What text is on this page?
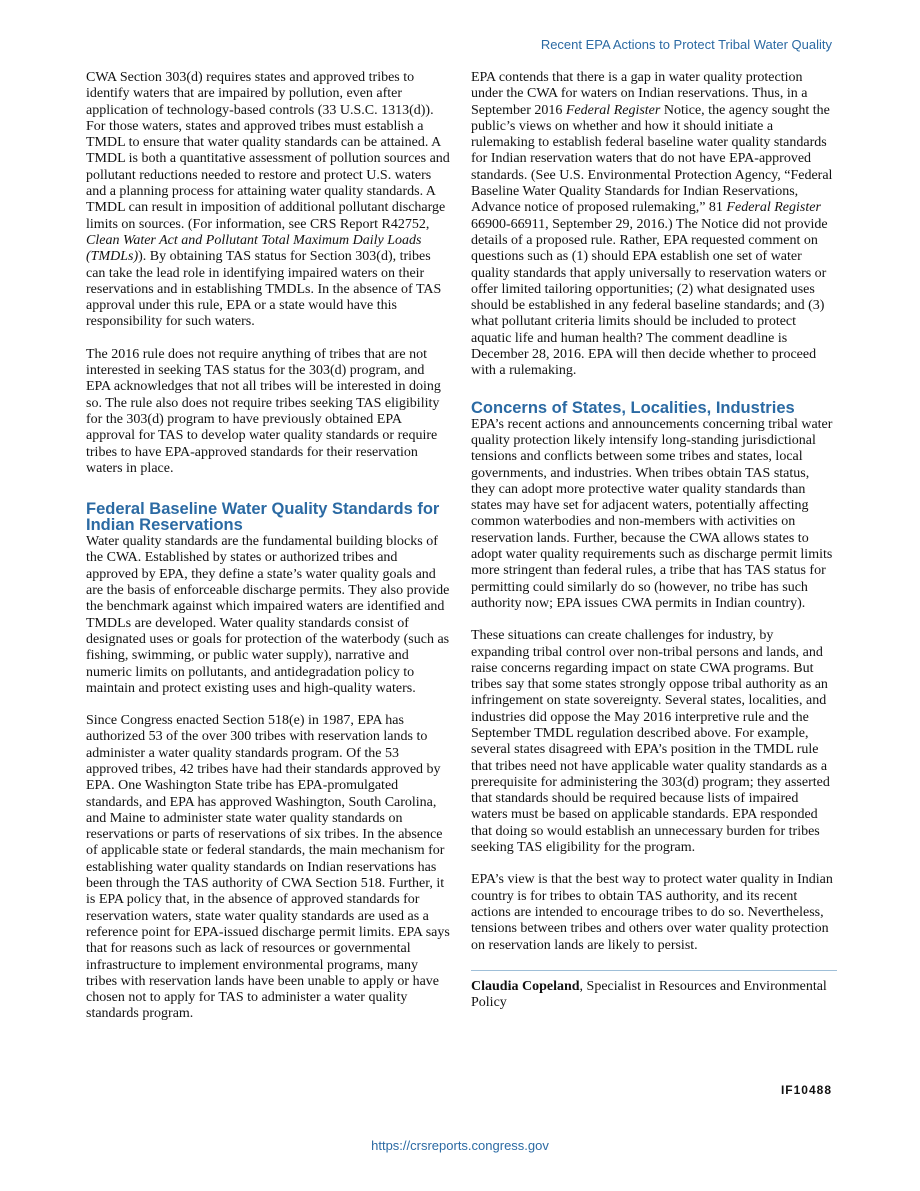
Recent EPA Actions to Protect Tribal Water Quality

CWA Section 303(d) requires states and approved tribes to identify waters that are impaired by pollution, even after application of technology-based controls (33 U.S.C. 1313(d)). For those waters, states and approved tribes must establish a TMDL to ensure that water quality standards can be attained. A TMDL is both a quantitative assessment of pollution sources and pollutant reductions needed to restore and protect U.S. waters and a planning process for attaining water quality standards. A TMDL can result in imposition of additional pollutant discharge limits on sources. (For information, see CRS Report R42752, Clean Water Act and Pollutant Total Maximum Daily Loads (TMDLs)). By obtaining TAS status for Section 303(d), tribes can take the lead role in identifying impaired waters on their reservations and in establishing TMDLs. In the absence of TAS approval under this rule, EPA or a state would have this responsibility for such waters.

The 2016 rule does not require anything of tribes that are not interested in seeking TAS status for the 303(d) program, and EPA acknowledges that not all tribes will be interested in doing so. The rule also does not require tribes seeking TAS eligibility for the 303(d) program to have previously obtained EPA approval for TAS to develop water quality standards or require tribes to have EPA-approved standards for their reservation waters in place.

Federal Baseline Water Quality Standards for Indian Reservations

Water quality standards are the fundamental building blocks of the CWA. Established by states or authorized tribes and approved by EPA, they define a state’s water quality goals and are the basis of enforceable discharge permits. They also provide the benchmark against which impaired waters are identified and TMDLs are developed. Water quality standards consist of designated uses or goals for protection of the waterbody (such as fishing, swimming, or public water supply), narrative and numeric limits on pollutants, and antidegradation policy to maintain and protect existing uses and high-quality waters.

Since Congress enacted Section 518(e) in 1987, EPA has authorized 53 of the over 300 tribes with reservation lands to administer a water quality standards program. Of the 53 approved tribes, 42 tribes have had their standards approved by EPA. One Washington State tribe has EPA-promulgated standards, and EPA has approved Washington, South Carolina, and Maine to administer state water quality standards on reservations or parts of reservations of six tribes. In the absence of applicable state or federal standards, the main mechanism for establishing water quality standards on Indian reservations has been through the TAS authority of CWA Section 518. Further, it is EPA policy that, in the absence of approved standards for reservation waters, state water quality standards are used as a reference point for EPA-issued discharge permit limits. EPA says that for reasons such as lack of resources or governmental infrastructure to implement environmental programs, many tribes with reservation lands have been unable to apply or have chosen not to apply for TAS to administer a water quality standards program.

EPA contends that there is a gap in water quality protection under the CWA for waters on Indian reservations. Thus, in a September 2016 Federal Register Notice, the agency sought the public’s views on whether and how it should initiate a rulemaking to establish federal baseline water quality standards for Indian reservation waters that do not have EPA-approved standards. (See U.S. Environmental Protection Agency, “Federal Baseline Water Quality Standards for Indian Reservations, Advance notice of proposed rulemaking,” 81 Federal Register 66900-66911, September 29, 2016.) The Notice did not provide details of a proposed rule. Rather, EPA requested comment on questions such as (1) should EPA establish one set of water quality standards that apply universally to reservation waters or offer limited tailoring opportunities; (2) what designated uses should be established in any federal baseline standards; and (3) what pollutant criteria limits should be included to protect aquatic life and human health? The comment deadline is December 28, 2016. EPA will then decide whether to proceed with a rulemaking.

Concerns of States, Localities, Industries

EPA’s recent actions and announcements concerning tribal water quality protection likely intensify long-standing jurisdictional tensions and conflicts between some tribes and states, local governments, and industries. When tribes obtain TAS status, they can adopt more protective water quality standards than states may have set for adjacent waters, potentially affecting common waterbodies and non-members with activities on reservation lands. Further, because the CWA allows states to adopt water quality requirements such as discharge permit limits more stringent than federal rules, a tribe that has TAS status for permitting could similarly do so (however, no tribe has such authority now; EPA issues CWA permits in Indian country).

These situations can create challenges for industry, by expanding tribal control over non-tribal persons and lands, and raise concerns regarding impact on state CWA programs. But tribes say that some states strongly oppose tribal authority as an infringement on state sovereignty. Several states, localities, and industries did oppose the May 2016 interpretive rule and the September TMDL regulation described above. For example, several states disagreed with EPA’s position in the TMDL rule that tribes need not have applicable water quality standards as a prerequisite for administering the 303(d) program; they asserted that standards should be required because lists of impaired waters must be based on applicable standards. EPA responded that doing so would establish an unnecessary burden for tribes seeking TAS eligibility for the program.

EPA’s view is that the best way to protect water quality in Indian country is for tribes to obtain TAS authority, and its recent actions are intended to encourage tribes to do so. Nevertheless, tensions between tribes and others over water quality protection on reservation lands are likely to persist.

Claudia Copeland, Specialist in Resources and Environmental Policy

IF10488
https://crsreports.congress.gov
